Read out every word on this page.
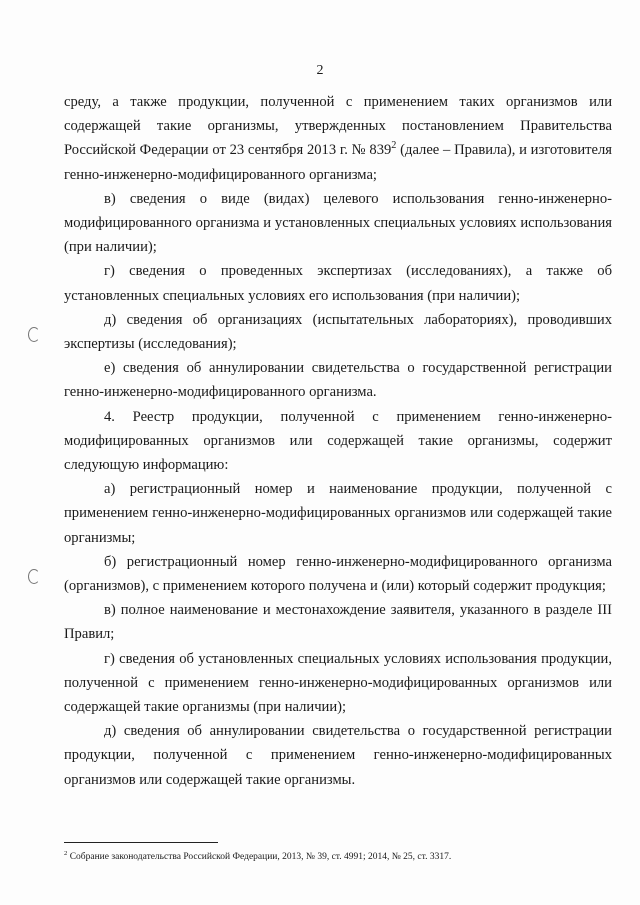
2

среду, а также продукции, полученной с применением таких организмов или содержащей такие организмы, утвержденных постановлением Правительства Российской Федерации от 23 сентября 2013 г. № $839^2$ (далее – Правила), и изготовителя генно-инженерно-модифицированного организма;

в) сведения о виде (видах) целевого использования генно-инженерно-модифицированного организма и установленных специальных условиях использования (при наличии);

г) сведения о проведенных экспертизах (исследованиях), а также об установленных специальных условиях его использования (при наличии);

д) сведения об организациях (испытательных лабораториях), проводивших экспертизы (исследования);

е) сведения об аннулировании свидетельства о государственной регистрации генно-инженерно-модифицированного организма.

4. Реестр продукции, полученной с применением генно-инженерно-модифицированных организмов или содержащей такие организмы, содержит следующую информацию:

а) регистрационный номер и наименование продукции, полученной с применением генно-инженерно-модифицированных организмов или содержащей такие организмы;

б) регистрационный номер генно-инженерно-модифицированного организма (организмов), с применением которого получена и (или) который содержит продукция;

в) полное наименование и местонахождение заявителя, указанного в разделе III Правил;

г) сведения об установленных специальных условиях использования продукции, полученной с применением генно-инженерно-модифицированных организмов или содержащей такие организмы (при наличии);

д) сведения об аннулировании свидетельства о государственной регистрации продукции, полученной с применением генно-инженерно-модифицированных организмов или содержащей такие организмы.

$^2$ Собрание законодательства Российской Федерации, 2013, № 39, ст. 4991; 2014, № 25, ст. 3317.
